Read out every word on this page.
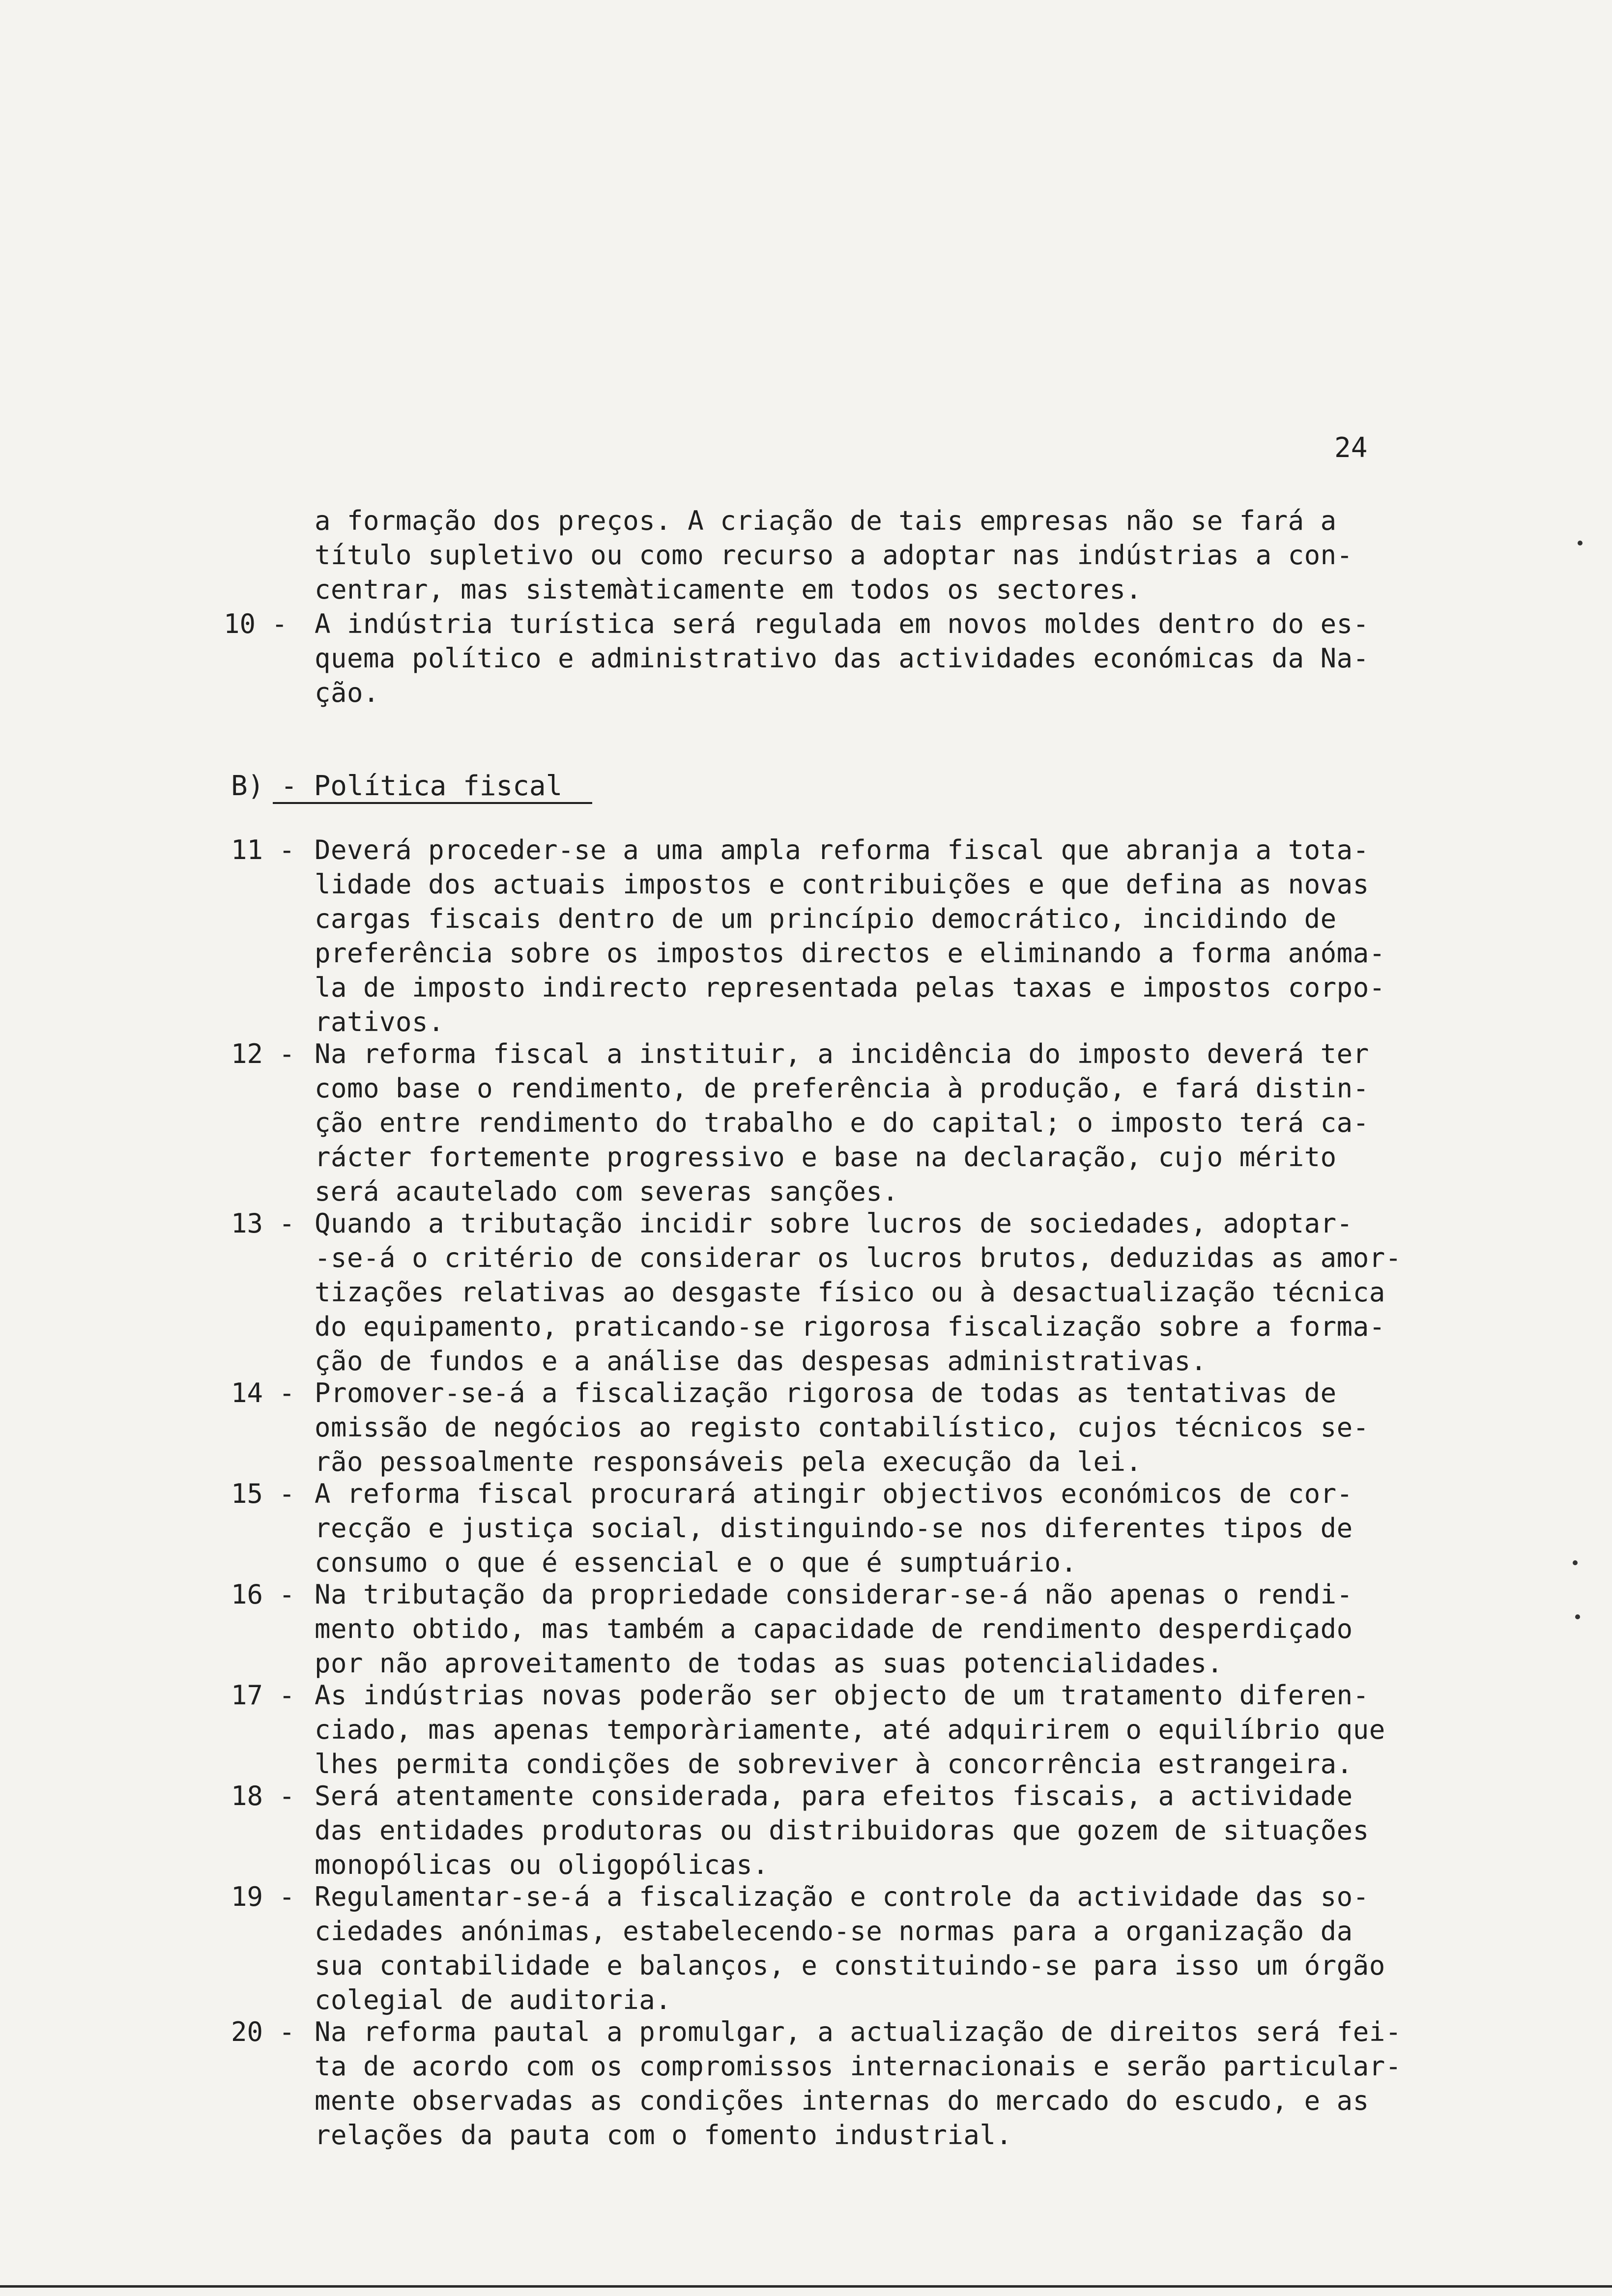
24
a formação dos preços. A criação de tais empresas não se fará a
título supletivo ou como recurso a adoptar nas indústrias a con-
centrar, mas sistemàticamente em todos os sectores.
10 - A indústria turística será regulada em novos moldes dentro do es-
quema político e administrativo das actividades económicas da Na-
ção.
B) - Política fiscal
11 - Deverá proceder-se a uma ampla reforma fiscal que abranja a tota-
lidade dos actuais impostos e contribuições e que defina as novas
cargas fiscais dentro de um princípio democrático, incidindo de
preferência sobre os impostos directos e eliminando a forma anóma-
la de imposto indirecto representada pelas taxas e impostos corpo-
rativos.
12 - Na reforma fiscal a instituir, a incidência do imposto deverá ter
como base o rendimento, de preferência à produção, e fará distin-
ção entre rendimento do trabalho e do capital; o imposto terá ca-
rácter fortemente progressivo e base na declaração, cujo mérito
será acautelado com severas sanções.
13 - Quando a tributação incidir sobre lucros de sociedades, adoptar-
-se-á o critério de considerar os lucros brutos, deduzidas as amor-
tizações relativas ao desgaste físico ou à desactualização técnica
do equipamento, praticando-se rigorosa fiscalização sobre a forma-
ção de fundos e a análise das despesas administrativas.
14 - Promover-se-á a fiscalização rigorosa de todas as tentativas de
omissão de negócios ao registo contabilístico, cujos técnicos se-
rão pessoalmente responsáveis pela execução da lei.
15 - A reforma fiscal procurará atingir objectivos económicos de cor-
recção e justiça social, distinguindo-se nos diferentes tipos de
consumo o que é essencial e o que é sumptuário.
16 - Na tributação da propriedade considerar-se-á não apenas o rendi-
mento obtido, mas também a capacidade de rendimento desperdiçado
por não aproveitamento de todas as suas potencialidades.
17 - As indústrias novas poderão ser objecto de um tratamento diferen-
ciado, mas apenas temporàriamente, até adquirirem o equilíbrio que
lhes permita condições de sobreviver à concorrência estrangeira.
18 - Será atentamente considerada, para efeitos fiscais, a actividade
das entidades produtoras ou distribuidoras que gozem de situações
monopólicas ou oligopólicas.
19 - Regulamentar-se-á a fiscalização e controle da actividade das so-
ciedades anónimas, estabelecendo-se normas para a organização da
sua contabilidade e balanços, e constituindo-se para isso um órgão
colegial de auditoria.
20 - Na reforma pautal a promulgar, a actualização de direitos será fei-
ta de acordo com os compromissos internacionais e serão particular-
mente observadas as condições internas do mercado do escudo, e as
relações da pauta com o fomento industrial.
